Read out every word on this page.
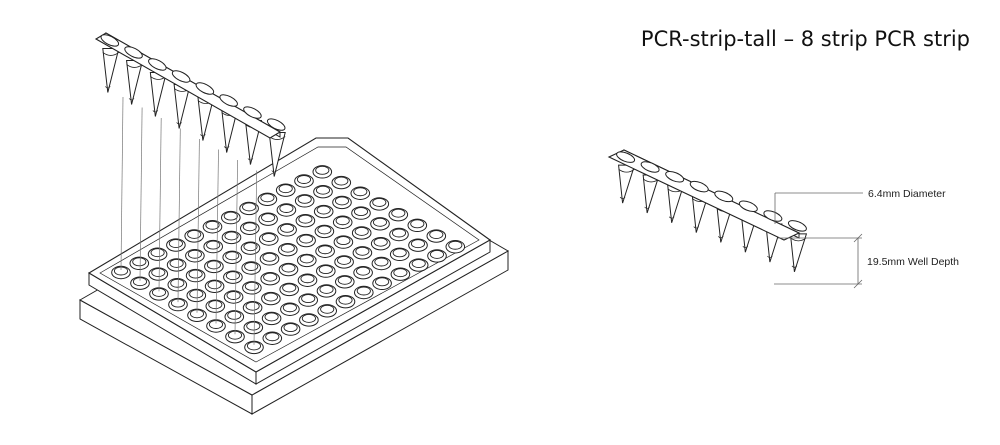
PCR-strip-tall – 8 strip PCR strip
6.4mm Diameter
19.5mm Well Depth
